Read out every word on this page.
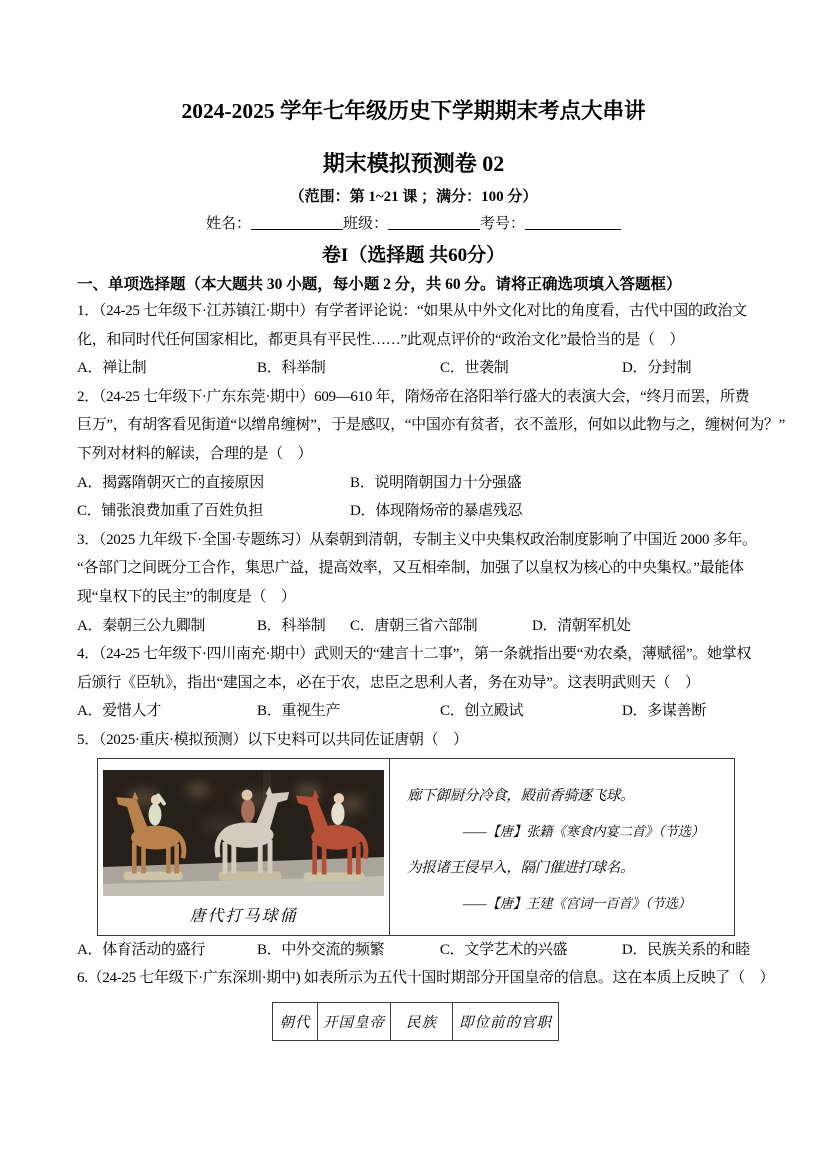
2024-2025 学年七年级历史下学期期末考点大串讲
期末模拟预测卷 02
（范围：第 1~21 课 ；满分：100 分）
姓名：	班级：	考号：
卷I（选择题 共60分）
一、单项选择题（本大题共 30 小题，每小题 2 分，共 60 分。请将正确选项填入答题框）
1．（24-25 七年级下·江苏镇江·期中）有学者评论说：“如果从中外文化对比的角度看，古代中国的政治文
化，和同时代任何国家相比，都更具有平民性……”此观点评价的“政治文化”最恰当的是（　）
A．禅让制	B．科举制	C．世袭制	D．分封制
2．（24-25 七年级下·广东东莞·期中）609—610 年，隋炀帝在洛阳举行盛大的表演大会，“终月而罢，所费
巨万”，有胡客看见街道“以缯帛缠树”，于是感叹，“中国亦有贫者，衣不盖形，何如以此物与之，缠树何为？”
下列对材料的解读，合理的是（　）
A．揭露隋朝灭亡的直接原因	B．说明隋朝国力十分强盛
C．铺张浪费加重了百姓负担	D．体现隋炀帝的暴虐残忍
3．（2025 九年级下·全国·专题练习）从秦朝到清朝，专制主义中央集权政治制度影响了中国近 2000 多年。
“各部门之间既分工合作，集思广益，提高效率，又互相牵制，加强了以皇权为核心的中央集权。”最能体
现“皇权下的民主”的制度是（　）
A．秦朝三公九卿制	B．科举制	C．唐朝三省六部制	D．清朝军机处
4．（24-25 七年级下·四川南充·期中）武则天的“建言十二事”，第一条就指出要“劝农桑，薄赋徭”。她掌权
后颁行《臣轨》，指出“建国之本，必在于农，忠臣之思利人者，务在劝导”。这表明武则天（　）
A．爱惜人才	B．重视生产	C．创立殿试	D．多谋善断
5．（2025·重庆·模拟预测）以下史料可以共同佐证唐朝（　）
唐代打马球俑
廊下御厨分冷食，殿前香骑逐飞球。
——【唐】张籍《寒食内宴二首》（节选）
为报诸王侵早入，隔门催进打球名。
——【唐】王建《宫词一百首》（节选）
A．体育活动的盛行	B．中外交流的频繁	C．文学艺术的兴盛	D．民族关系的和睦
6.（24-25 七年级下·广东深圳·期中) 如表所示为五代十国时期部分开国皇帝的信息。这在本质上反映了（　）
朝代	开国皇帝	民族	即位前的官职
